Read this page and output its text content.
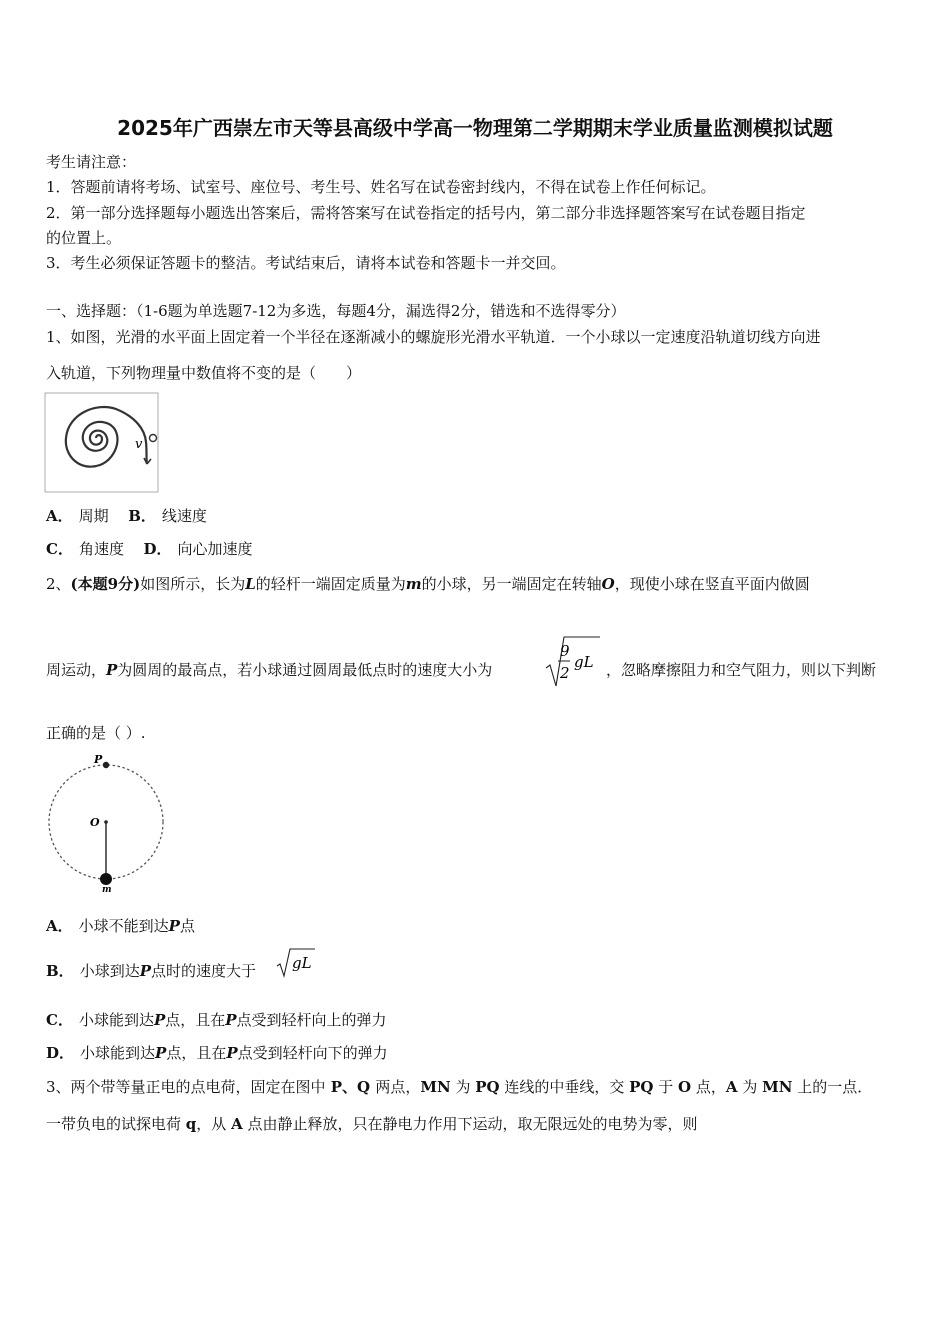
2025年广西崇左市天等县高级中学高一物理第二学期期末学业质量监测模拟试题
考生请注意：
1．答题前请将考场、试室号、座位号、考生号、姓名写在试卷密封线内，不得在试卷上作任何标记。
2．第一部分选择题每小题选出答案后，需将答案写在试卷指定的括号内，第二部分非选择题答案写在试卷题目指定
的位置上。
3．考生必须保证答题卡的整洁。考试结束后，请将本试卷和答题卡一并交回。
一、选择题：（1-6题为单选题7-12为多选，每题4分，漏选得2分，错选和不选得零分）
1、如图，光滑的水平面上固定着一个半径在逐渐减小的螺旋形光滑水平轨道．一个小球以一定速度沿轨道切线方向进
入轨道，下列物理量中数值将不变的是（　　）
v
A． 周期 B． 线速度
C． 角速度 D． 向心加速度
2、(本题9分)如图所示，长为L的轻杆一端固定质量为m的小球，另一端固定在转轴O，现使小球在竖直平面内做圆
周运动，P为圆周的最高点，若小球通过圆周最低点时的速度大小为
9
2
gL ，忽略摩擦阻力和空气阻力，则以下判断
正确的是（ ）.
P
O
m
A． 小球不能到达P点
B． 小球到达P点时的速度大于 gL
C． 小球能到达P点，且在P点受到轻杆向上的弹力
D． 小球能到达P点，且在P点受到轻杆向下的弹力
3、两个带等量正电的点电荷，固定在图中 P、Q 两点，MN 为 PQ 连线的中垂线，交 PQ 于 O 点，A 为 MN 上的一点．
一带负电的试探电荷 q，从 A 点由静止释放，只在静电力作用下运动，取无限远处的电势为零，则
